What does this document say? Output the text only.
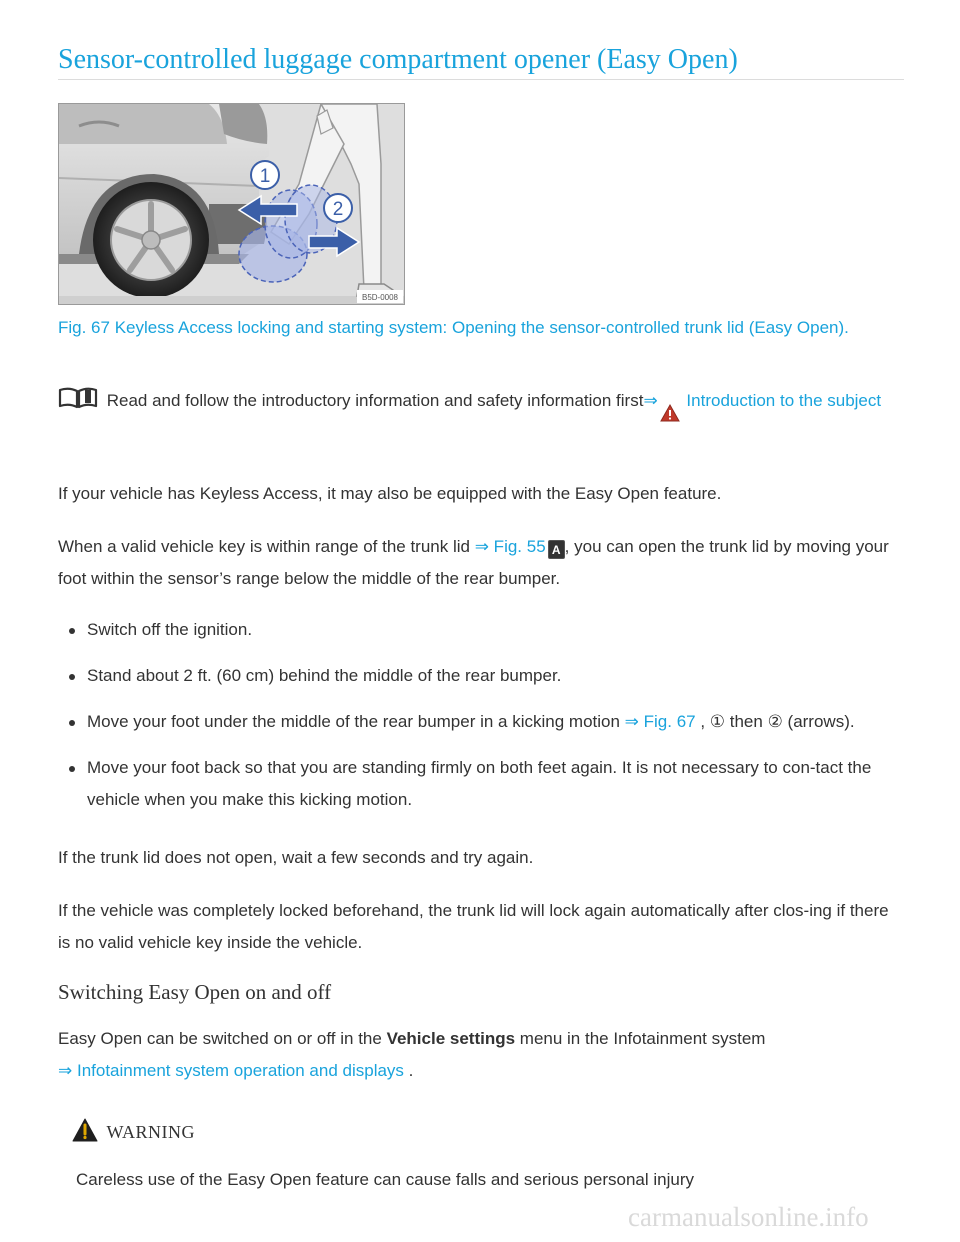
Sensor-controlled luggage compartment opener (Easy Open)
1
2
B5D-0008
Fig. 67 Keyless Access locking and starting system: Opening the sensor-controlled trunk lid (Easy Open).
Read and follow the introductory information and safety information first⇒ Introduction to the subject

If your vehicle has Keyless Access, it may also be equipped with the Easy Open feature.

When a valid vehicle key is within range of the trunk lid ⇒ Fig. 55 A , you can open the trunk lid by moving your foot within the sensor’s range below the middle of the rear bumper.

Switch off the ignition.
Stand about 2 ft. (60 cm) behind the middle of the rear bumper.
Move your foot under the middle of the rear bumper in a kicking motion ⇒ Fig. 67 , ① then ② (arrows).
Move your foot back so that you are standing firmly on both feet again. It is not necessary to con-tact the vehicle when you make this kicking motion.

If the trunk lid does not open, wait a few seconds and try again.

If the vehicle was completely locked beforehand, the trunk lid will lock again automatically after clos-ing if there is no valid vehicle key inside the vehicle.

Switching Easy Open on and off

Easy Open can be switched on or off in the Vehicle settings menu in the Infotainment system
⇒ Infotainment system operation and displays .

WARNING
Careless use of the Easy Open feature can cause falls and serious personal injury
carmanualsonline.info
